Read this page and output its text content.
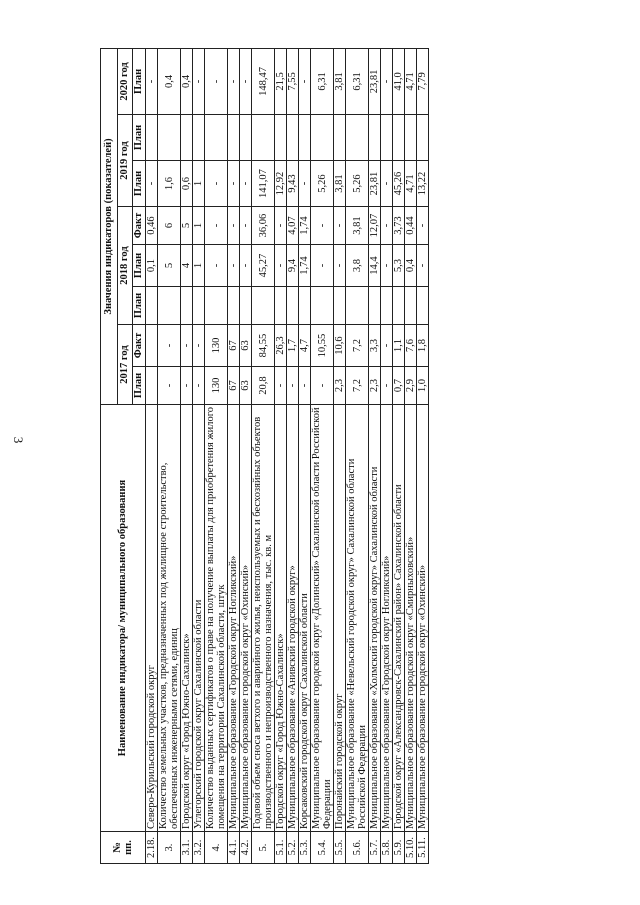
3
№ пп.	Наименование индикатора/ муниципального образования	Значения индикаторов (показателей)							
		2017 год		2018 год			2019 год		2020 год
		План	Факт	План	План	Факт	План	План	План
2.18.	Северо-Курильский городской округ				0,1	0,46	-		-
3.	Количество земельных участков, предназначенных под жилищное строительство, обеспеченных инженерными сетями, единиц	-	-		5	6	1,6		0,4
3.1.	Городской округ «Город Южно-Сахалинск»	-	-		4	5	0,6		0,4
3.2.	Углегорский городской округ Сахалинской области	-	-		1	1	1		-
4.	Количество выданных сертификатов о праве на получение выплаты для приобретения жилого помещения на территории Сахалинской области, штук	130	130		-	-	-		-
4.1.	Муниципальное образование «Городской округ Ногликский»	67	67		-	-	-		-
4.2.	Муниципальное образование городской округ «Охинский»	63	63		-	-	-		-
5.	Годовой объем сноса ветхого и аварийного жилья, неиспользуемых и бесхозяйных объектов производственного и непроизводственного назначения, тыс. кв. м	20,8	84,55		45,27	36,06	141,07		148,47
5.1.	Городской округ «Город Южно-Сахалинск»	-	26,3		-	-	12,92		21,5
5.2.	Муниципальное образование «Анивский городской округ»	-	1,7		9,4	4,07	9,43		7,55
5.3.	Корсаковский городской округ Сахалинской области	-	4,7		1,74	1,74	-		-
5.4.	Муниципальное образование городской округ «Долинский» Сахалинской области Российской Федерации	-	10,55		-	-	5,26		6,31
5.5.	Поронайский городской округ	2,3	10,6		-	-	3,81		3,81
5.6.	Муниципальное образование «Невельский городской округ» Сахалинской области Российской Федерации	7,2	7,2		3,8	3,81	5,26		6,31
5.7.	Муниципальное образование «Холмский городской округ» Сахалинской области	2,3	3,3		14,4	12,07	23,81		23,81
5.8.	Муниципальное образование «Городской округ Ногликский»	-	-		-	-	-		-
5.9.	Городской округ «Александровск-Сахалинский район» Сахалинской области	0,7	1,1		5,3	3,73	45,26		41,0
5.10.	Муниципальное образование городской округ «Смирныховский»	2,9	7,6		0,4	0,44	4,71		4,71
5.11.	Муниципальное образование городской округ «Охинский»	1,0	1,8		-	-	13,22		7,79
